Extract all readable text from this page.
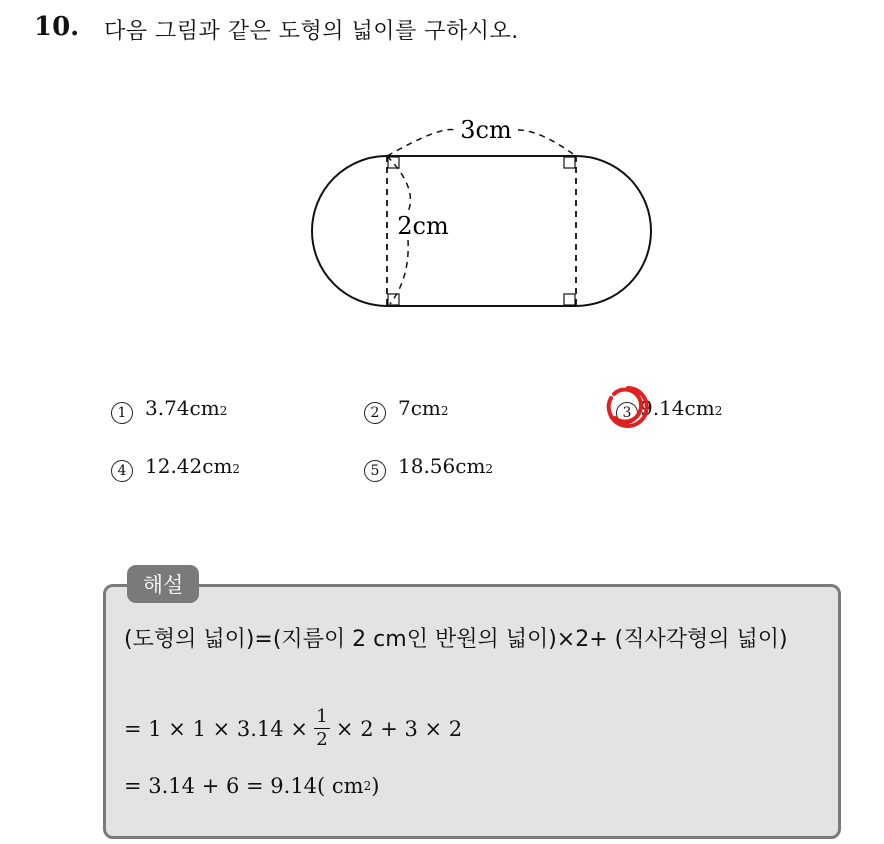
10. 다음 그림과 같은 도형의 넓이를 구하시오.
3cm
2cm
1 3.74cm 2	2 7cm 2	3 9.14cm 2
4 12.42cm 2	5 18.56cm 2
해설
(도형의 넓이)=(지름이 2 cm인 반원의 넓이)×2+ (직사각형의 넓이)
= $1 \times 1 \times 3.14 \times \frac{1}{2} \times 2 + 3 \times 2$
= 3.14 + 6 = 9.14( cm 2 )
